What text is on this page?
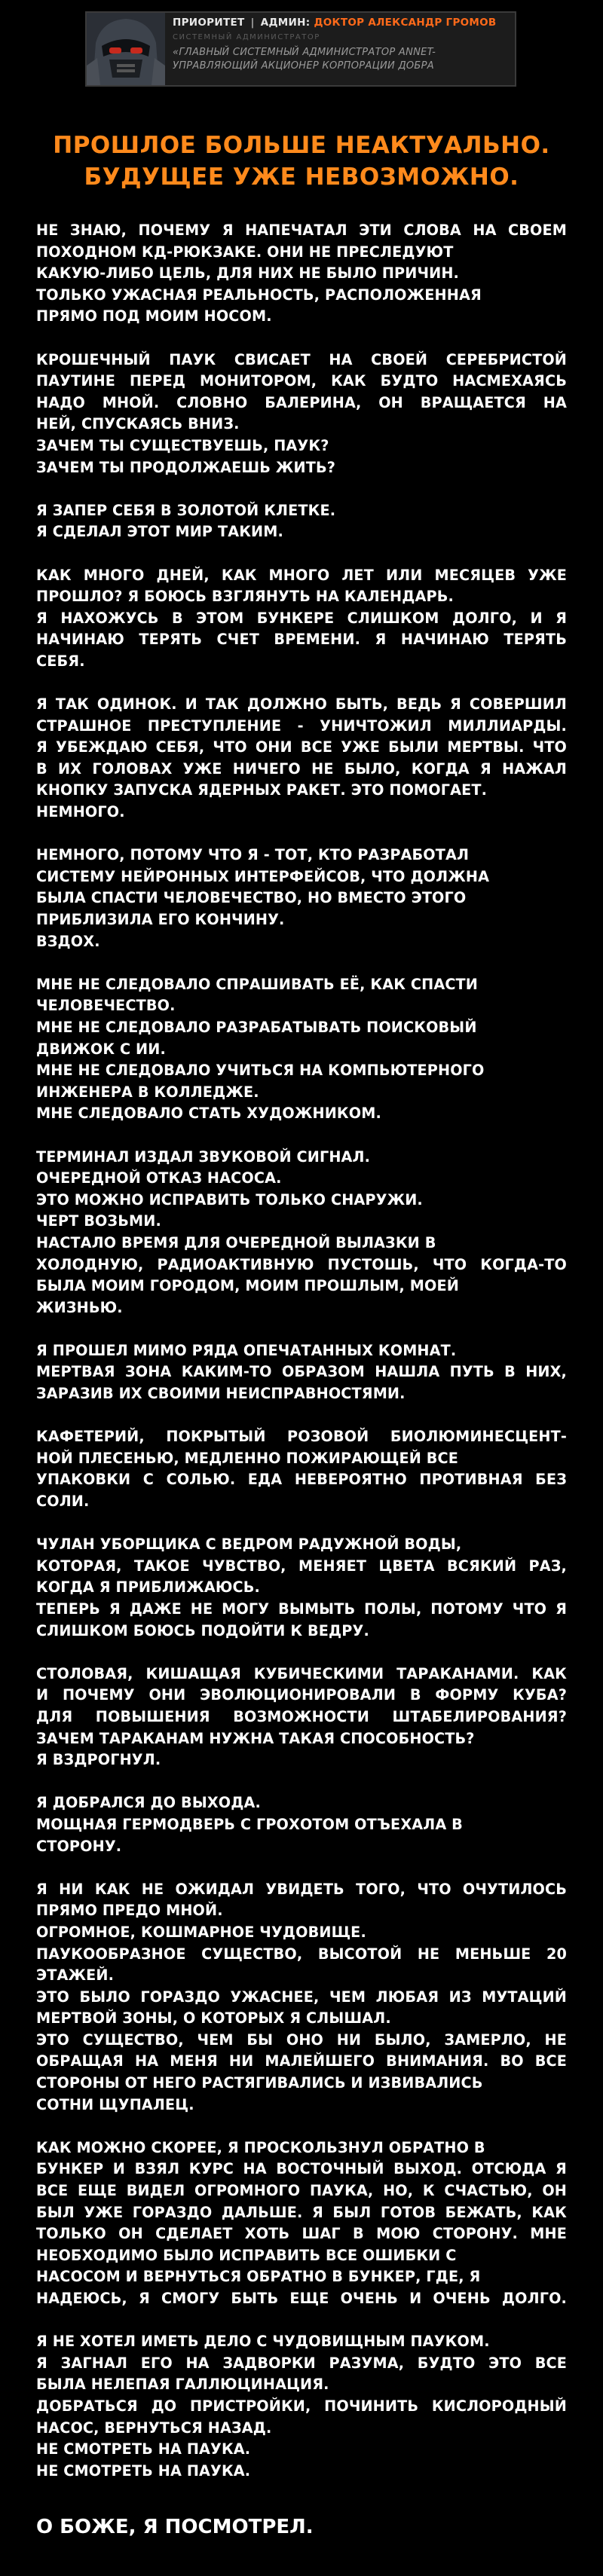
ПРИОРИТЕТ | АДМИН: ДОКТОР АЛЕКСАНДР ГРОМОВ
СИСТЕМНЫЙ АДМИНИСТРАТОР
«ГЛАВНЫЙ СИСТЕМНЫЙ АДМИНИСТРАТОР ANNET-
УПРАВЛЯЮЩИЙ АКЦИОНЕР КОРПОРАЦИИ ДОБРА
ПРОШЛОЕ БОЛЬШЕ НЕАКТУАЛЬНО.
БУДУЩЕЕ УЖЕ НЕВОЗМОЖНО.
НЕ ЗНАЮ, ПОЧЕМУ Я НАПЕЧАТАЛ ЭТИ СЛОВА НА СВОЕМ
ПОХОДНОМ КД-РЮКЗАКЕ. ОНИ НЕ ПРЕСЛЕДУЮТ
КАКУЮ-ЛИБО ЦЕЛЬ, ДЛЯ НИХ НЕ БЫЛО ПРИЧИН.
ТОЛЬКО УЖАСНАЯ РЕАЛЬНОСТЬ, РАСПОЛОЖЕННАЯ
ПРЯМО ПОД МОИМ НОСОМ.
КРОШЕЧНЫЙ ПАУК СВИСАЕТ НА СВОЕЙ СЕРЕБРИСТОЙ
ПАУТИНЕ ПЕРЕД МОНИТОРОМ, КАК БУДТО НАСМЕХАЯСЬ
НАДО МНОЙ. СЛОВНО БАЛЕРИНА, ОН ВРАЩАЕТСЯ НА
НЕЙ, СПУСКАЯСЬ ВНИЗ.
ЗАЧЕМ ТЫ СУЩЕСТВУЕШЬ, ПАУК?
ЗАЧЕМ ТЫ ПРОДОЛЖАЕШЬ ЖИТЬ?
Я ЗАПЕР СЕБЯ В ЗОЛОТОЙ КЛЕТКЕ.
Я СДЕЛАЛ ЭТОТ МИР ТАКИМ.
КАК МНОГО ДНЕЙ, КАК МНОГО ЛЕТ ИЛИ МЕСЯЦЕВ УЖЕ
ПРОШЛО? Я БОЮСЬ ВЗГЛЯНУТЬ НА КАЛЕНДАРЬ.
Я НАХОЖУСЬ В ЭТОМ БУНКЕРЕ СЛИШКОМ ДОЛГО, И Я
НАЧИНАЮ ТЕРЯТЬ СЧЕТ ВРЕМЕНИ. Я НАЧИНАЮ ТЕРЯТЬ
СЕБЯ.
Я ТАК ОДИНОК. И ТАК ДОЛЖНО БЫТЬ, ВЕДЬ Я СОВЕРШИЛ
СТРАШНОЕ ПРЕСТУПЛЕНИЕ - УНИЧТОЖИЛ МИЛЛИАРДЫ.
Я УБЕЖДАЮ СЕБЯ, ЧТО ОНИ ВСЕ УЖЕ БЫЛИ МЕРТВЫ. ЧТО
В ИХ ГОЛОВАХ УЖЕ НИЧЕГО НЕ БЫЛО, КОГДА Я НАЖАЛ
КНОПКУ ЗАПУСКА ЯДЕРНЫХ РАКЕТ. ЭТО ПОМОГАЕТ.
НЕМНОГО.
НЕМНОГО, ПОТОМУ ЧТО Я - ТОТ, КТО РАЗРАБОТАЛ
СИСТЕМУ НЕЙРОННЫХ ИНТЕРФЕЙСОВ, ЧТО ДОЛЖНА
БЫЛА СПАСТИ ЧЕЛОВЕЧЕСТВО, НО ВМЕСТО ЭТОГО
ПРИБЛИЗИЛА ЕГО КОНЧИНУ.
ВЗДОХ.
МНЕ НЕ СЛЕДОВАЛО СПРАШИВАТЬ ЕЁ, КАК СПАСТИ
ЧЕЛОВЕЧЕСТВО.
МНЕ НЕ СЛЕДОВАЛО РАЗРАБАТЫВАТЬ ПОИСКОВЫЙ
ДВИЖОК С ИИ.
МНЕ НЕ СЛЕДОВАЛО УЧИТЬСЯ НА КОМПЬЮТЕРНОГО
ИНЖЕНЕРА В КОЛЛЕДЖЕ.
МНЕ СЛЕДОВАЛО СТАТЬ ХУДОЖНИКОМ.
ТЕРМИНАЛ ИЗДАЛ ЗВУКОВОЙ СИГНАЛ.
ОЧЕРЕДНОЙ ОТКАЗ НАСОСА.
ЭТО МОЖНО ИСПРАВИТЬ ТОЛЬКО СНАРУЖИ.
ЧЕРТ ВОЗЬМИ.
НАСТАЛО ВРЕМЯ ДЛЯ ОЧЕРЕДНОЙ ВЫЛАЗКИ В
ХОЛОДНУЮ, РАДИОАКТИВНУЮ ПУСТОШЬ, ЧТО КОГДА-ТО
БЫЛА МОИМ ГОРОДОМ, МОИМ ПРОШЛЫМ, МОЕЙ
ЖИЗНЬЮ.
Я ПРОШЕЛ МИМО РЯДА ОПЕЧАТАННЫХ КОМНАТ.
МЕРТВАЯ ЗОНА КАКИМ-ТО ОБРАЗОМ НАШЛА ПУТЬ В НИХ,
ЗАРАЗИВ ИХ СВОИМИ НЕИСПРАВНОСТЯМИ.
КАФЕТЕРИЙ, ПОКРЫТЫЙ РОЗОВОЙ БИОЛЮМИНЕСЦЕНТ-
НОЙ ПЛЕСЕНЬЮ, МЕДЛЕННО ПОЖИРАЮЩЕЙ ВСЕ
УПАКОВКИ С СОЛЬЮ. ЕДА НЕВЕРОЯТНО ПРОТИВНАЯ БЕЗ
СОЛИ.
ЧУЛАН УБОРЩИКА С ВЕДРОМ РАДУЖНОЙ ВОДЫ,
КОТОРАЯ, ТАКОЕ ЧУВСТВО, МЕНЯЕТ ЦВЕТА ВСЯКИЙ РАЗ,
КОГДА Я ПРИБЛИЖАЮСЬ.
ТЕПЕРЬ Я ДАЖЕ НЕ МОГУ ВЫМЫТЬ ПОЛЫ, ПОТОМУ ЧТО Я
СЛИШКОМ БОЮСЬ ПОДОЙТИ К ВЕДРУ.
СТОЛОВАЯ, КИШАЩАЯ КУБИЧЕСКИМИ ТАРАКАНАМИ. КАК
И ПОЧЕМУ ОНИ ЭВОЛЮЦИОНИРОВАЛИ В ФОРМУ КУБА?
ДЛЯ ПОВЫШЕНИЯ ВОЗМОЖНОСТИ ШТАБЕЛИРОВАНИЯ?
ЗАЧЕМ ТАРАКАНАМ НУЖНА ТАКАЯ СПОСОБНОСТЬ?
Я ВЗДРОГНУЛ.
Я ДОБРАЛСЯ ДО ВЫХОДА.
МОЩНАЯ ГЕРМОДВЕРЬ С ГРОХОТОМ ОТЪЕХАЛА В
СТОРОНУ.
Я НИ КАК НЕ ОЖИДАЛ УВИДЕТЬ ТОГО, ЧТО ОЧУТИЛОСЬ
ПРЯМО ПРЕДО МНОЙ.
ОГРОМНОЕ, КОШМАРНОЕ ЧУДОВИЩЕ.
ПАУКООБРАЗНОЕ СУЩЕСТВО, ВЫСОТОЙ НЕ МЕНЬШЕ 20
ЭТАЖЕЙ.
ЭТО БЫЛО ГОРАЗДО УЖАСНЕЕ, ЧЕМ ЛЮБАЯ ИЗ МУТАЦИЙ
МЕРТВОЙ ЗОНЫ, О КОТОРЫХ Я СЛЫШАЛ.
ЭТО СУЩЕСТВО, ЧЕМ БЫ ОНО НИ БЫЛО, ЗАМЕРЛО, НЕ
ОБРАЩАЯ НА МЕНЯ НИ МАЛЕЙШЕГО ВНИМАНИЯ. ВО ВСЕ
СТОРОНЫ ОТ НЕГО РАСТЯГИВАЛИСЬ И ИЗВИВАЛИСЬ
СОТНИ ЩУПАЛЕЦ.
КАК МОЖНО СКОРЕЕ, Я ПРОСКОЛЬЗНУЛ ОБРАТНО В
БУНКЕР И ВЗЯЛ КУРС НА ВОСТОЧНЫЙ ВЫХОД. ОТСЮДА Я
ВСЕ ЕЩЕ ВИДЕЛ ОГРОМНОГО ПАУКА, НО, К СЧАСТЬЮ, ОН
БЫЛ УЖЕ ГОРАЗДО ДАЛЬШЕ. Я БЫЛ ГОТОВ БЕЖАТЬ, КАК
ТОЛЬКО ОН СДЕЛАЕТ ХОТЬ ШАГ В МОЮ СТОРОНУ. МНЕ
НЕОБХОДИМО БЫЛО ИСПРАВИТЬ ВСЕ ОШИБКИ С
НАСОСОМ И ВЕРНУТЬСЯ ОБРАТНО В БУНКЕР, ГДЕ, Я
НАДЕЮСЬ, Я СМОГУ БЫТЬ ЕЩЕ ОЧЕНЬ И ОЧЕНЬ ДОЛГО.
Я НЕ ХОТЕЛ ИМЕТЬ ДЕЛО С ЧУДОВИЩНЫМ ПАУКОМ.
Я ЗАГНАЛ ЕГО НА ЗАДВОРКИ РАЗУМА, БУДТО ЭТО ВСЕ
БЫЛА НЕЛЕПАЯ ГАЛЛЮЦИНАЦИЯ.
ДОБРАТЬСЯ ДО ПРИСТРОЙКИ, ПОЧИНИТЬ КИСЛОРОДНЫЙ
НАСОС, ВЕРНУТЬСЯ НАЗАД.
НЕ СМОТРЕТЬ НА ПАУКА.
НЕ СМОТРЕТЬ НА ПАУКА.
О БОЖЕ, Я ПОСМОТРЕЛ.
